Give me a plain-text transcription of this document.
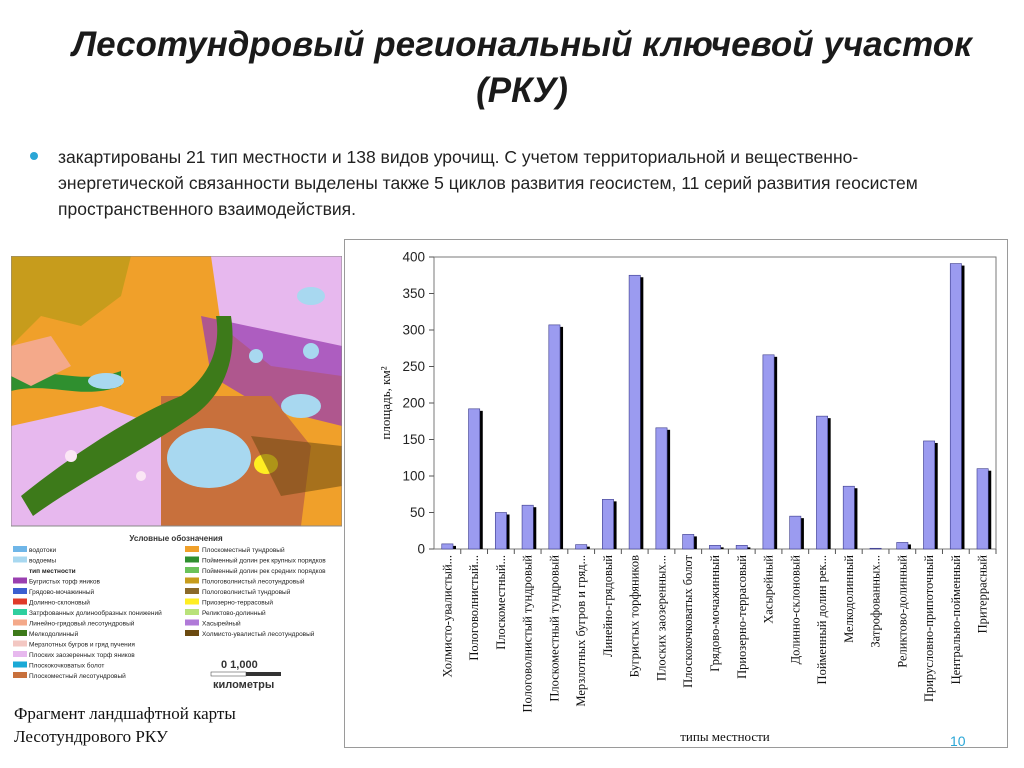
Лесотундровый региональный ключевой участок
(РКУ)
закартированы 21 тип местности и 138 видов урочищ. С учетом территориальной и вещественно-энергетической связанности выделены также 5 циклов развития геосистем, 11 серий развития геосистем пространственного взаимодействия.
Условные обозначения
водотоки
водоемы
тип местности
Бугристых торф яников
Грядово-мочажинный
Долинно-склоновый
Затрфованных долинообразных понижений
Линейно-грядовый лесотундровый
Мелкодолинный
Мерзлотных бугров и гряд пучения
Плоских заозеренных торф яников
Плоскокочковатых болот
Плоскоместный лесотундровый
Плоскоместный тундровый
Пойменный долин рек крупных порядков
Пойменный долин рек средних порядков
Пологоволнистый лесотундровый
Пологоволнистый тундровый
Приозерно-террасовый
Реликтово-долинный
Хасырейный
Холмисто-увалистый лесотундровый
0 1,000
километры
Фрагмент ландшафтной карты
Лесотундрового РКУ
0
50
100
150
200
250
300
350
400
Холмисто-увалистый... Пологоволнистый... Плоскоместный... Пологоволнистый тундровый Плоскоместный тундровый Мерзлотных бугров и гряд... Линейно-грядовый Бугристых торфяников Плоских заозеренных... Плоскокочковатых болот Грядово-мочажинный Приозерно-террасовый Хасырейный Долинно-склоновый Пойменный долин рек... Мелкодолинный Затрофованных... Реликтово-долинный Прирусловно-припоточный Центрально-пойменный Притеррасный
площадь, км²
типы местности	10
